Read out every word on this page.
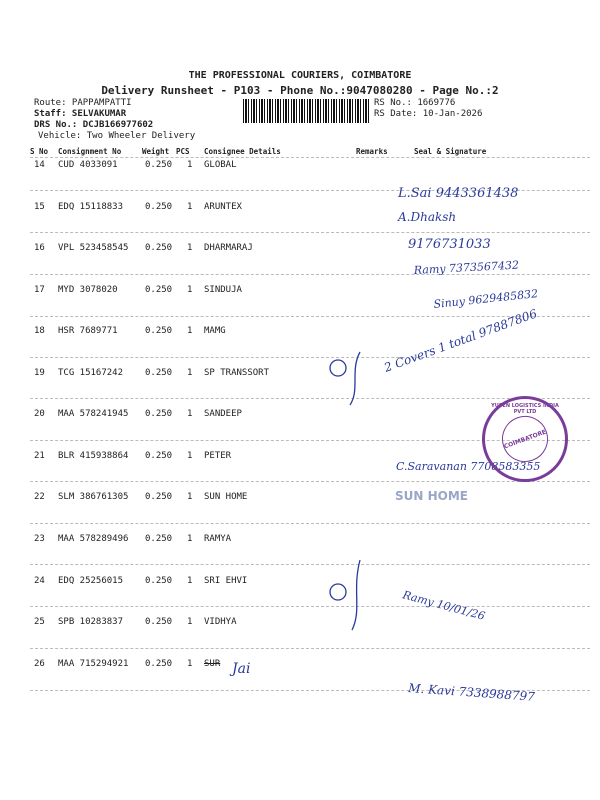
THE PROFESSIONAL COURIERS, COIMBATORE
Delivery Runsheet - P103 - Phone No.:9047080280 - Page No.:2
Route: PAPPAMPATTI
Staff: SELVAKUMAR
DRS No.: DCJB166977602
Vehicle: Two Wheeler Delivery
RS No.: 1669776
RS Date: 10-Jan-2026
S No Consignment No	Weight PCS Consignee Details	Remarks	Seal & Signature
14 CUD 4033091	0.250 1 GLOBAL
15 EDQ 15118833 0.250 1 ARUNTEX
16 VPL 523458545 0.250 1 DHARMARAJ
17 MYD 3078020	0.250 1 SINDUJA
18 HSR 7689771	0.250 1 MAMG
19 TCG 15167242 0.250 1 SP TRANSSORT
20 MAA 578241945 0.250 1 SANDEEP
21 BLR 415938864 0.250 1 PETER
22 SLM 386761305 0.250 1 SUN HOME
23 MAA 578289496 0.250 1 RAMYA
24 EDQ 25256015 0.250 1 SRI EHVI
25 SPB 10283837 0.250 1 VIDHYA
26 MAA 715294921 0.250 1 SUR
L.Sai 9443361438
A.Dhaksh
9176731033
Ramy 7373567432
Sinuy 9629485832
2 Covers 1 total 97887806
C.Saravanan 7708583355
Ramy 10/01/26
Jai
M. Kavi 7338988797
SUN HOME
YUSEN LOGISTICS INDIA PVT LTD
COIMBATORE
